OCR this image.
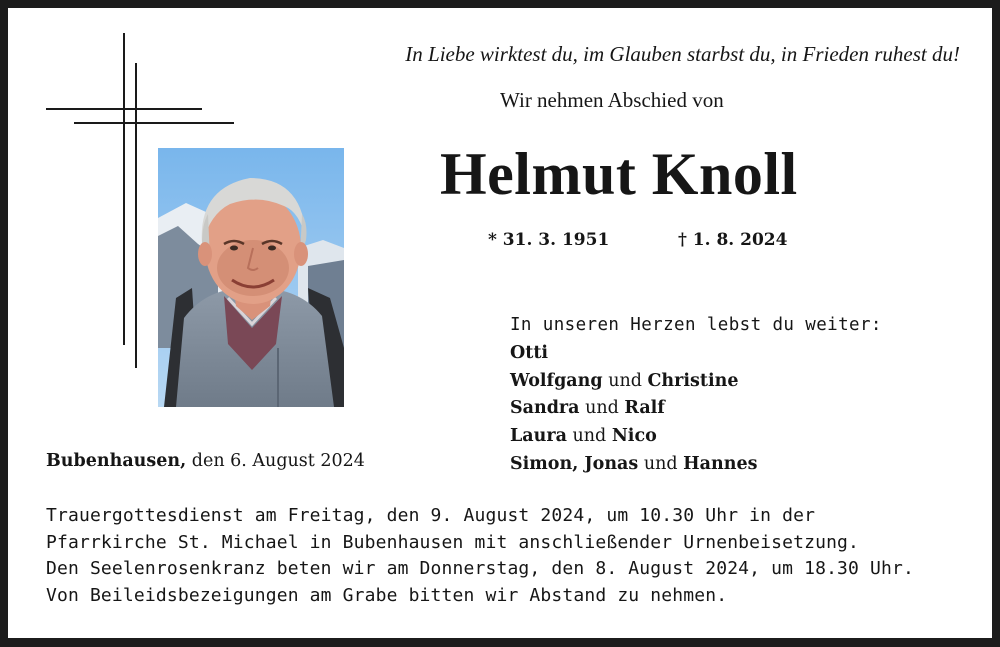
In Liebe wirktest du, im Glauben starbst du, in Frieden ruhest du!
Wir nehmen Abschied von
Helmut Knoll
* 31. 3. 1951	† 1. 8. 2024
In unseren Herzen lebst du weiter:
Otti
Wolfgang und Christine
Sandra und Ralf
Laura und Nico
Simon, Jonas und Hannes
Bubenhausen, den 6. August 2024
Trauergottesdienst am Freitag, den 9. August 2024, um 10.30 Uhr in der
Pfarrkirche St. Michael in Bubenhausen mit anschließender Urnenbeisetzung.
Den Seelenrosenkranz beten wir am Donnerstag, den 8. August 2024, um 18.30 Uhr.
Von Beileidsbezeigungen am Grabe bitten wir Abstand zu nehmen.
